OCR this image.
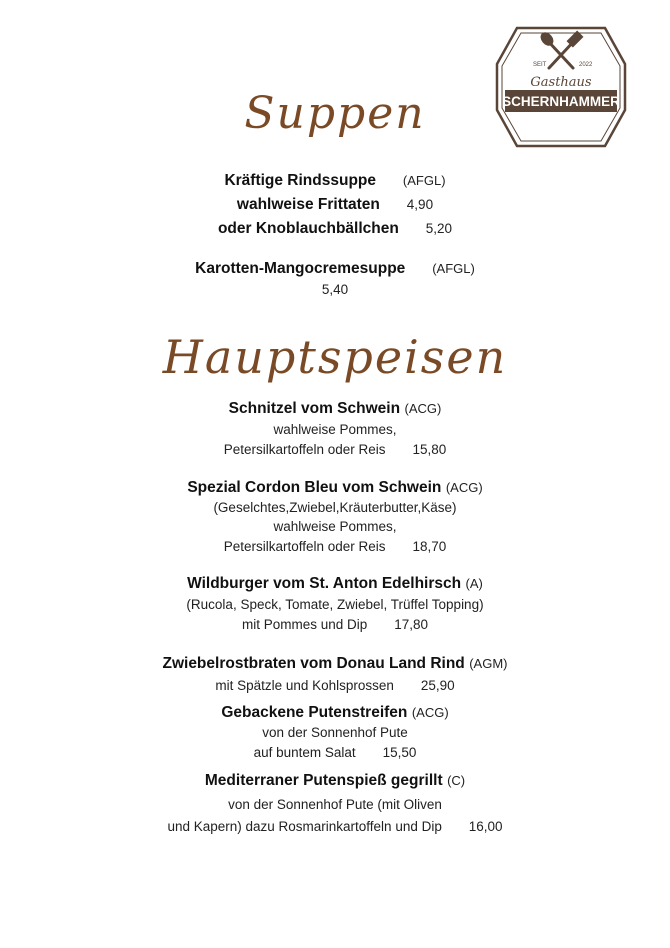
SEIT	2022
Gasthaus
SCHERNHAMMER
Suppen
Kräftige Rindssuppe (AFGL)
wahlweise Frittaten 4,90
oder Knoblauchbällchen 5,20
Karotten-Mangocremesuppe (AFGL)
5,40
Hauptspeisen
Schnitzel vom Schwein (ACG)
wahlweise Pommes,
Petersilkartoffeln oder Reis 15,80
Spezial Cordon Bleu vom Schwein (ACG)
(Geselchtes,Zwiebel,Kräuterbutter,Käse)
wahlweise Pommes,
Petersilkartoffeln oder Reis 18,70
Wildburger vom St. Anton Edelhirsch (A)
(Rucola, Speck, Tomate, Zwiebel, Trüffel Topping)
mit Pommes und Dip 17,80
Zwiebelrostbraten vom Donau Land Rind (AGM)
mit Spätzle und Kohlsprossen 25,90
Gebackene Putenstreifen (ACG)
von der Sonnenhof Pute
auf buntem Salat 15,50
Mediterraner Putenspieß gegrillt (C)
von der Sonnenhof Pute (mit Oliven
und Kapern) dazu Rosmarinkartoffeln und Dip 16,00
